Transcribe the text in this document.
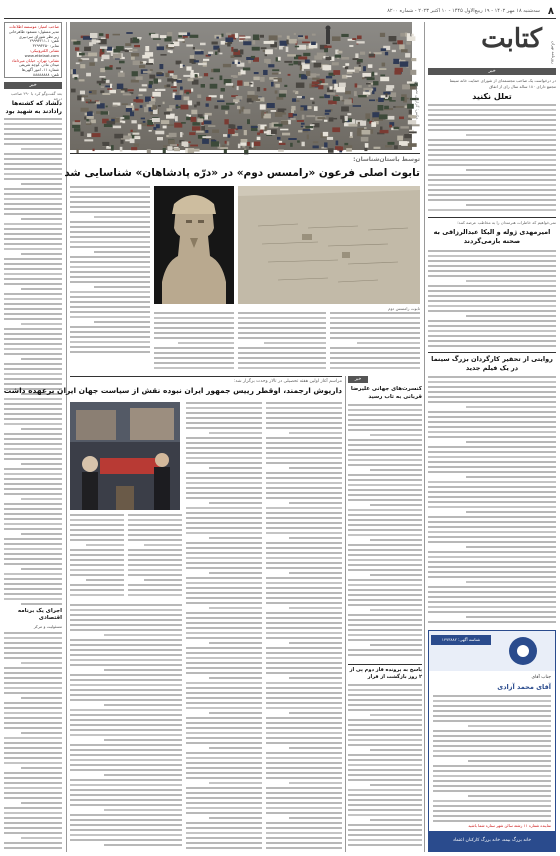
۸
سه‌شنبه ۱۸ مهر ۱۴۰۲ - ۱۹ ربیع‌الاول ۱۴۴۵ - ۱۰ اکتبر ۲۰۲۳ - شماره ۸۲۰۰
صاحب امتیاز: موسسه اطلاعات
مدیر مسئول: مسعود طاهرخانی
زیر نظر شورای سردبیری
تلفن: ۱-۲۹۹۹۳۲۱۱
نمابر: ۳۲۹۹۳۲۵۰
نشانی الکترونیکی:
www.ettelaat.com
نشانی: تهران، خیابان میرداماد
میدان مادر، کوچه شریفی
شماره ۱۱، امور آگهی‌ها
تلفن: ۸۸۸۸۸۸۸۸
خبر
بعد گفت‌وگو کرد با ۲۹۰ صاحب درجه
دلشاد که کشته‌ها رادادند به شهید بود
اجرای یک برنامه اقتصادی
مسئولیت و مرکز
عکس: گزارش تصویری
کتابت	روزنامه تهران
خبر
در درخواست یک صاحب مجسمه‌ای از شورای حمایت خانه سینما
مجمع دارای ۱۸۰ ساله سال رای از اتفاق
تعلل نکنید
توسط باستان‌شناسان:
تابوت اصلی فرعون «رامسس دوم» در «درّه پادشاهان» شناسایی شد
تابوت رامسس دوم
نمی‌خواهیم که خاطرات هنرمندان را به مخاطب عرضه کنند؛
امیرمهدی ژوله و الیکا عبدالرزاقی به صحنه بازمی‌گردند
روایتی از تحقیر کارگردان بزرگ سینما در یک فیلم جدید
مراسم آغاز اولین هفته تحصیلی در تالار وحدت برگزار شد:
داریوش ارجمند، اوقطر رییس جمهور ایران نبوده نقش از سیاست جهان ایران برعهده داشت
خبر
کنسرت‌های جهانی علیرضا قربانی به تاب رسید
پاسخ به پرونده فاز دوم پی از ۲ روز بازگشت از قرار
شناسه آگهی: ۱۴۷۳۸۸۲
جناب آقای
آقای محمد آزادی
نماینده شماره ۱۱ رشته سالن شهر ستاره شما باشید
خانه بزرگ بیمه، خانه بزرگ کارکنان اعتماد
